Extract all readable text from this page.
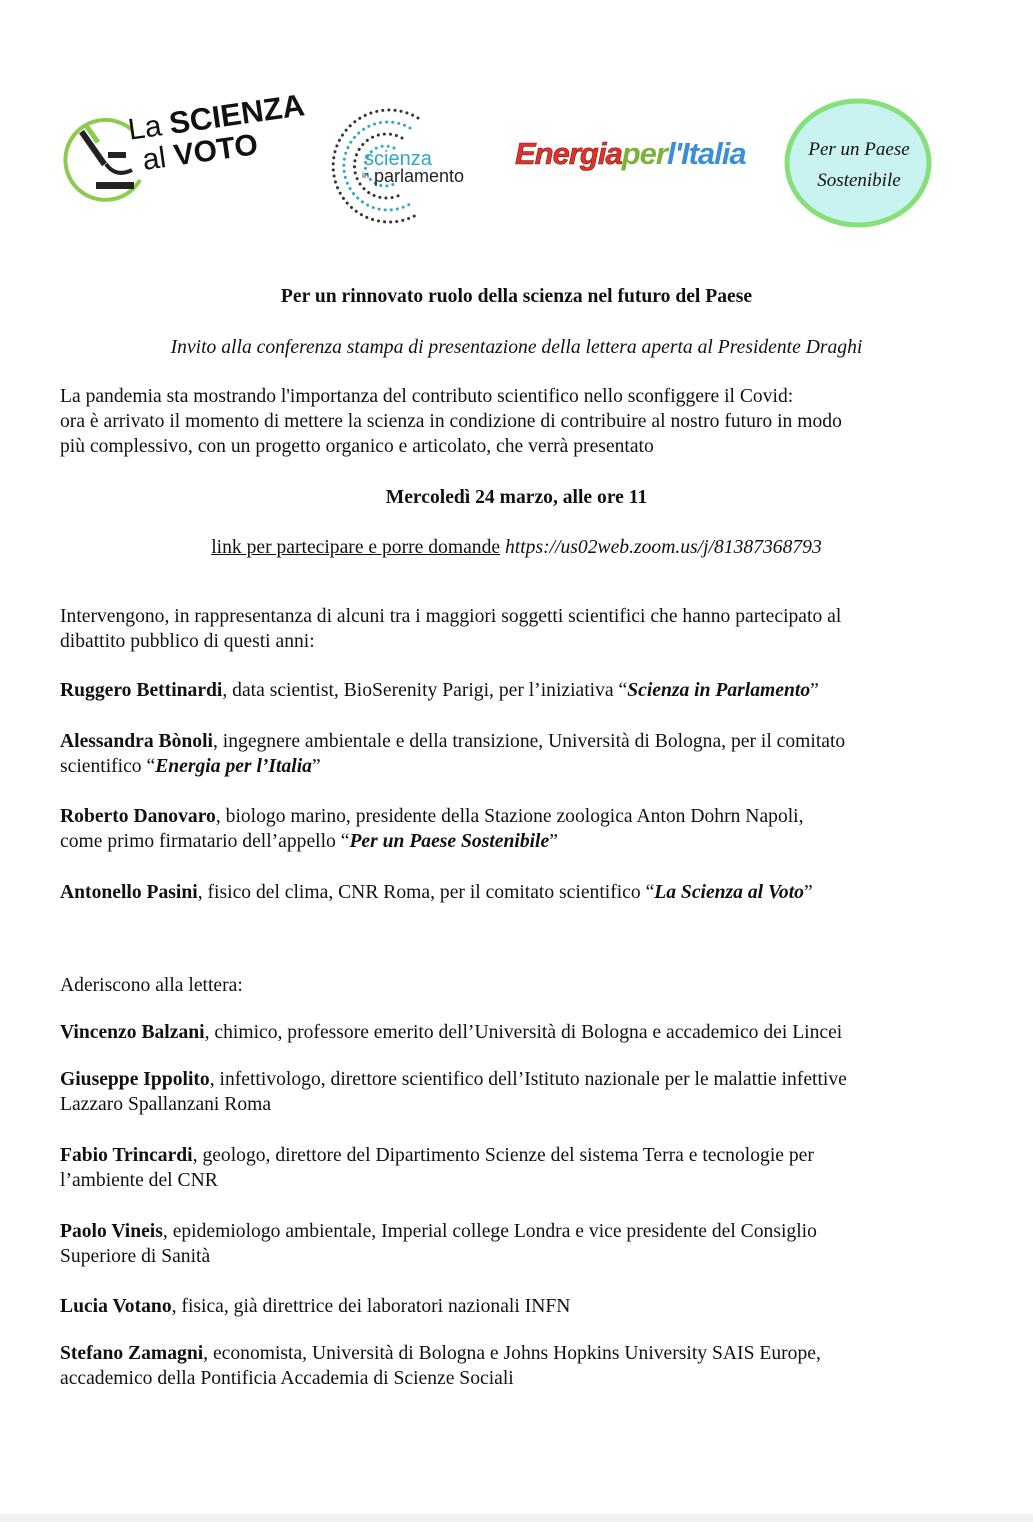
La SCIENZA
al VOTO	scienza
in parlamento
Energiaperl'Italia	Per un Paese
Sostenibile
Per un rinnovato ruolo della scienza nel futuro del Paese
Invito alla conferenza stampa di presentazione della lettera aperta al Presidente Draghi
La pandemia sta mostrando l'importanza del contributo scientifico nello sconfiggere il Covid:
ora è arrivato il momento di mettere la scienza in condizione di contribuire al nostro futuro in modo
più complessivo, con un progetto organico e articolato, che verrà presentato
Mercoledì 24 marzo, alle ore 11
link per partecipare e porre domande https://us02web.zoom.us/j/81387368793
Intervengono, in rappresentanza di alcuni tra i maggiori soggetti scientifici che hanno partecipato al
dibattito pubblico di questi anni:
Ruggero Bettinardi, data scientist, BioSerenity Parigi, per l’iniziativa “Scienza in Parlamento”
Alessandra Bònoli, ingegnere ambientale e della transizione, Università di Bologna, per il comitato
scientifico “Energia per l’Italia”
Roberto Danovaro, biologo marino, presidente della Stazione zoologica Anton Dohrn Napoli,
come primo firmatario dell’appello “Per un Paese Sostenibile”
Antonello Pasini, fisico del clima, CNR Roma, per il comitato scientifico “La Scienza al Voto”
Aderiscono alla lettera:
Vincenzo Balzani, chimico, professore emerito dell’Università di Bologna e accademico dei Lincei
Giuseppe Ippolito, infettivologo, direttore scientifico dell’Istituto nazionale per le malattie infettive
Lazzaro Spallanzani Roma
Fabio Trincardi, geologo, direttore del Dipartimento Scienze del sistema Terra e tecnologie per
l’ambiente del CNR
Paolo Vineis, epidemiologo ambientale, Imperial college Londra e vice presidente del Consiglio
Superiore di Sanità
Lucia Votano, fisica, già direttrice dei laboratori nazionali INFN
Stefano Zamagni, economista, Università di Bologna e Johns Hopkins University SAIS Europe,
accademico della Pontificia Accademia di Scienze Sociali
